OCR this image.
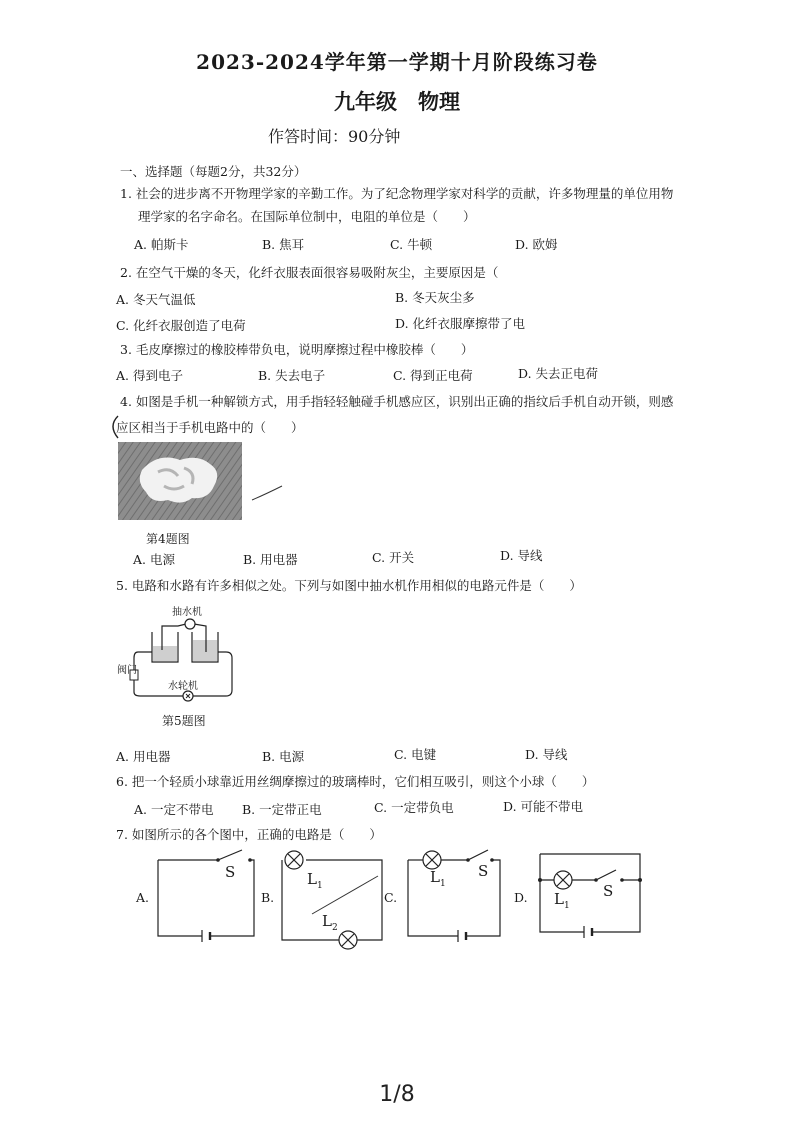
2023-2024学年第一学期十月阶段练习卷
九年级　物理
作答时间：90分钟
一、选择题（每题2分，共32分）
1. 社会的进步离不开物理学家的辛勤工作。为了纪念物理学家对科学的贡献，许多物理量的单位用物
理学家的名字命名。在国际单位制中，电阻的单位是（　　）
A. 帕斯卡	B. 焦耳	C. 牛顿	D. 欧姆
2. 在空气干燥的冬天，化纤衣服表面很容易吸附灰尘，主要原因是（
A. 冬天气温低	B. 冬天灰尘多
C. 化纤衣服创造了电荷	D. 化纤衣服摩擦带了电
3. 毛皮摩擦过的橡胶棒带负电，说明摩擦过程中橡胶棒（　　）
A. 得到电子	B. 失去电子	C. 得到正电荷	D. 失去正电荷
4. 如图是手机一种解锁方式，用手指轻轻触碰手机感应区，识别出正确的指纹后手机自动开锁，则感
应区相当于手机电路中的（　　）
第4题图
A. 电源	B. 用电器	C. 开关	D. 导线
5. 电路和水路有许多相似之处。下列与如图中抽水机作用相似的电路元件是（　　）
抽水机
阀门
水轮机
第5题图
A. 用电器	B. 电源	C. 电键	D. 导线
6. 把一个轻质小球靠近用丝绸摩擦过的玻璃棒时，它们相互吸引，则这个小球（　　）
A. 一定不带电 B. 一定带正电	C. 一定带负电	D. 可能不带电
7. 如图所示的各个图中，正确的电路是（　　）
A.
S
B.
$L_1$
$L_2$
C.
$L_1$
S
D. $L_1$
S
1/8
